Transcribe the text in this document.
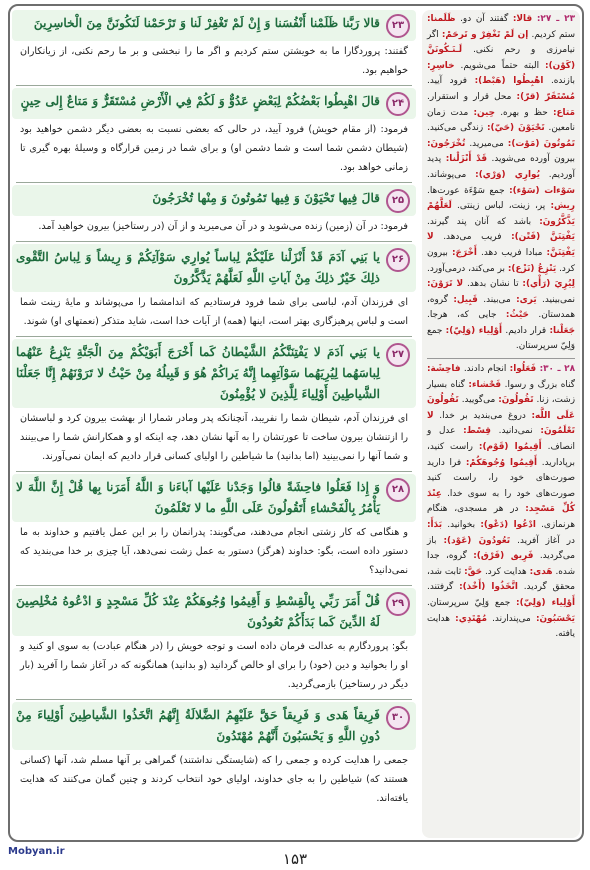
۲۳
قالا رَبَّنا ظَلَمْنا أَنْفُسَنا وَ إِنْ لَمْ تَغْفِرْ لَنا وَ تَرْحَمْنا لَنَكُونَنَّ مِنَ الْخاسِرِينَ
گفتند: پروردگارا ما به خویشتن ستم کردیم و اگر ما را نبخشی و بر ما رحم نکنی، از زیانکاران خواهیم بود.
۲۴
قالَ اهْبِطُوا بَعْضُكُمْ لِبَعْضٍ عَدُوٌّ وَ لَكُمْ فِي الْأَرْضِ مُسْتَقَرٌّ وَ مَتاعٌ إِلى حِينٍ
فرمود: (از مقام خویش) فرود آیید، در حالی که بعضی نسبت به بعضی دیگر دشمن خواهید بود (شیطان دشمن شما است و شما دشمن او) و برای شما در زمین قرارگاه و وسیلهٔ بهره گیری تا زمانی خواهد بود.
۲۵
قالَ فِيها تَحْيَوْنَ وَ فِيها تَمُوتُونَ وَ مِنْها تُخْرَجُونَ
فرمود: در آن (زمین) زنده می‌شوید و در آن می‌میرید و از آن (در رستاخیز) بیرون خواهید آمد.
۲۶
يا بَنِي آدَمَ قَدْ أَنْزَلْنا عَلَيْكُمْ لِباساً يُوارِي سَوْآتِكُمْ وَ رِيشاً وَ لِباسُ التَّقْوى ذلِكَ خَيْرٌ ذلِكَ مِنْ آياتِ اللَّهِ لَعَلَّهُمْ يَذَّكَّرُونَ
ای فرزندان آدم، لباسی برای شما فرود فرستادیم که اندامشما را می‌پوشاند و مایهٔ زینت شما است و لباس پرهیزگاری بهتر است، اینها (همه) از آیات خدا است، شاید متذکر (نعمتهای او) شوند.
۲۷
يا بَنِي آدَمَ لا يَفْتِنَنَّكُمُ الشَّيْطانُ كَما أَخْرَجَ أَبَوَيْكُمْ مِنَ الْجَنَّةِ يَنْزِعُ عَنْهُما لِباسَهُما لِيُرِيَهُما سَوْآتِهِما إِنَّهُ يَراكُمْ هُوَ وَ قَبِيلُهُ مِنْ حَيْثُ لا تَرَوْنَهُمْ إِنَّا جَعَلْنَا الشَّياطِينَ أَوْلِياءَ لِلَّذِينَ لا يُؤْمِنُونَ
ای فرزندان آدم، شیطان شما را نفریبد، آنچنانکه پدر ومادر شمارا از بهشت بیرون کرد و لباسشان را ازتنشان بیرون ساخت تا عورتشان را به آنها نشان دهد، چه اینکه او و همکارانش شما را می‌بینند و شما آنها را نمی‌بینید (اما بدانید) ما شیاطین را اولیای کسانی قرار دادیم که ایمان نمی‌آورند.
۲۸
وَ إِذا فَعَلُوا فاحِشَةً قالُوا وَجَدْنا عَلَيْها آباءَنا وَ اللَّهُ أَمَرَنا بِها قُلْ إِنَّ اللَّهَ لا يَأْمُرُ بِالْفَحْشاءِ أَتَقُولُونَ عَلَى اللَّهِ ما لا تَعْلَمُونَ
و هنگامی که کار زشتی انجام می‌دهند، می‌گویند: پدرانمان را بر این عمل یافتیم و خداوند به ما دستور داده است، بگو: خداوند (هرگز) دستور به عمل زشت نمی‌دهد، آیا چیزی بر خدا می‌بندید که نمی‌دانید؟
۲۹
قُلْ أَمَرَ رَبِّي بِالْقِسْطِ وَ أَقِيمُوا وُجُوهَكُمْ عِنْدَ كُلِّ مَسْجِدٍ وَ ادْعُوهُ مُخْلِصِينَ لَهُ الدِّينَ كَما بَدَأَكُمْ تَعُودُونَ
بگو: پروردگارم به عدالت فرمان داده است و توجه خویش را (در هنگام عبادت) به سوی او کنید و او را بخوانید و دین (خود) را برای او خالص گردانید (و بدانید) همانگونه که در آغاز شما را آفرید (بار دیگر در رستاخیز) بازمی‌گردید.
۳۰
فَرِيقاً هَدى وَ فَرِيقاً حَقَّ عَلَيْهِمُ الضَّلالَةُ إِنَّهُمُ اتَّخَذُوا الشَّياطِينَ أَوْلِياءَ مِنْ دُونِ اللَّهِ وَ يَحْسَبُونَ أَنَّهُمْ مُهْتَدُونَ
جمعی را هدایت کرده و جمعی را که (شایستگی نداشتند) گمراهی بر آنها مسلم شد، آنها (کسانی هستند که) شیاطین را به جای خداوند، اولیای خود انتخاب کردند و چنین گمان می‌کنند که هدایت یافته‌اند.

۲۳ ـ ۲۷: قالا: گفتند آن دو. ظَلَمنا: ستم کردیم. إن لَمْ تَغْفِرْ و تَرحَمْ: اگر نیامرزی و رحم نکنی. لَـنَـكُونَنَّ (كَوْن): البته حتماً می‌شویم. خاسِرِ: بازنده. اهْبِطُوا (هَبْط): فرود آیید. مُسْتَقَرّ (قرّ): محل قرار و استقرار. مَتاع: حظ و بهره. حِين: مدت زمان نامعین. تَحْيَوْنَ (حَيّ): زندگی می‌کنید. تَمُوتُونَ (مَوْت): می‌میرید. تُخْرَجُونَ: بیرون آورده می‌شوید. قَدْ أَنْزَلْنا: پدید آوردیم. يُوارِي (وَرْي): می‌پوشاند. سَوْءات (سَوْء): جمع سَوْءَة عورت‌ها. رِيش: پر، زینت، لباس زینتی. لَعَلَّهُمْ يَذَّكَّرُونَ: باشد که آنان پند گیرند. يَفْتِنَنَّ (فَتْن): فریب می‌دهد. لا يَفْتِنَنَّ: مبادا فریب دهد. أَخْرَجَ: بیرون کرد. يَنْزِعُ (نَزْع): بر می‌کند، درمی‌آورد. لِيُرِيَ (رَأْي): تا نشان بدهد. لا تَرَوْنَ: نمی‌بینید. يَرى: می‌بیند. قَبِيل: گروه، همدستان. حَيْثُ: جایی که، هرجا. جَعَلْنا: قرار دادیم. أَوْلِياء (وَلِيّ): جمع وَلِيّ سرپرستان.

۲۸ ـ ۳۰: فَعَلُوا: انجام دادند. فاحِشَة: گناه بزرگ و رسوا. فَحْشاء: گناه بسیار زشت، زنا. تَقُولُونَ: می‌گویید. تَقُولُونَ عَلَى اللَّه: دروغ می‌بندید بر خدا. لا تَعْلَمُونَ: نمی‌دانید. قِسْط: عدل و انصاف. أَقِيمُوا (قَوْم): راست کنید، برپادارید. أَقِيمُوا وُجُوهَكُمْ: فرا دارید صورت‌های خود را، راست کنید صورت‌های خود را به سوی خدا. عِنْدَ كُلِّ مَسْجِد: در هر مسجدی، هنگام هرنمازی. ادْعُوا (دَعْو): بخوانید. بَدَأَ: در آغاز آفرید. تَعُودُونَ (عَوْد): باز می‌گردید. فَرِيق (فَرْق): گروه، جدا شده. هَدى: هدایت کرد. حَقَّ: ثابت شد، محقق گردید. اتَّخَذُوا (أَخْذ): گرفتند. أَوْلِياء (وَلِيّ): جمع وَلِيّ سرپرستان. يَحْسَبُونَ: می‌پندارند. مُهْتَدِي: هدایت یافته.

۱۵۳
Mobyan.ir
